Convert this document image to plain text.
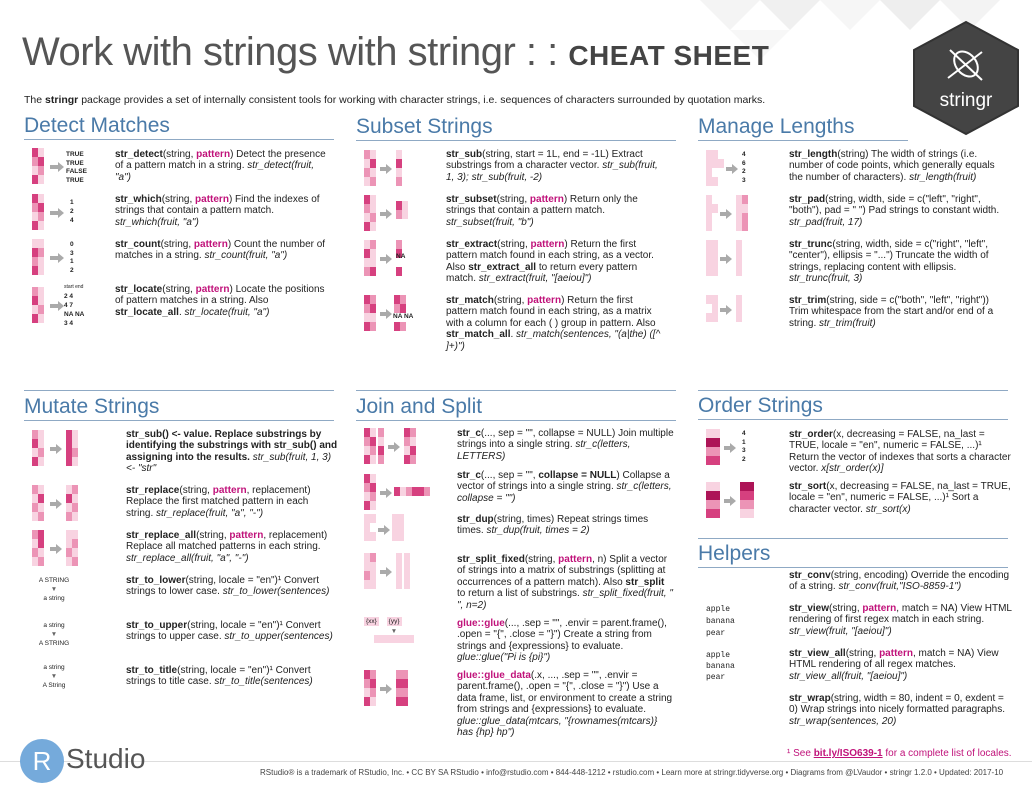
Work with strings with stringr : : CHEAT SHEET
The stringr package provides a set of internally consistent tools for working with character strings, i.e. sequences of characters surrounded by quotation marks.	stringr
Detect Matches	Subset Strings	Manage Lengths
Mutate Strings	Join and Split	Order Strings
Helpers
TRUE
TRUE
FALSE
TRUE
1
2
4
0
3
1
2
start end
2 4
4 7
NA NA
3 4
str_detect(string, pattern) Detect the presence of a pattern match in a string. str_detect(fruit, "a")
str_which(string, pattern) Find the indexes of strings that contain a pattern match. str_which(fruit, "a")
str_count(string, pattern) Count the number of matches in a string. str_count(fruit, "a")
str_locate(string, pattern) Locate the positions of pattern matches in a string. Also str_locate_all. str_locate(fruit, "a")
NA
NA NA
str_sub(string, start = 1L, end = -1L) Extract substrings from a character vector. str_sub(fruit, 1, 3); str_sub(fruit, -2)
str_subset(string, pattern) Return only the strings that contain a pattern match. str_subset(fruit, "b")
str_extract(string, pattern) Return the first pattern match found in each string, as a vector. Also str_extract_all to return every pattern match. str_extract(fruit, "[aeiou]")
str_match(string, pattern) Return the first pattern match found in each string, as a matrix with a column for each ( ) group in pattern. Also str_match_all. str_match(sentences, "(a|the) ([^ ]+)")
4
6
2
3
str_length(string) The width of strings (i.e. number of code points, which generally equals the number of characters). str_length(fruit)
str_pad(string, width, side = c("left", "right", "both"), pad = " ") Pad strings to constant width. str_pad(fruit, 17)
str_trunc(string, width, side = c("right", "left", "center"), ellipsis = "...") Truncate the width of strings, replacing content with ellipsis. str_trunc(fruit, 3)
str_trim(string, side = c("both", "left", "right")) Trim whitespace from the start and/or end of a string. str_trim(fruit)
A STRING
▼
a string
a string
▼
A STRING
a string
▼
A String
str_sub() <- value. Replace substrings by identifying the substrings with str_sub() and assigning into the results. str_sub(fruit, 1, 3) <- "str"
str_replace(string, pattern, replacement) Replace the first matched pattern in each string. str_replace(fruit, "a", "-")
str_replace_all(string, pattern, replacement) Replace all matched patterns in each string. str_replace_all(fruit, "a", "-")
str_to_lower(string, locale = "en")¹ Convert strings to lower case. str_to_lower(sentences)
str_to_upper(string, locale = "en")¹ Convert strings to upper case. str_to_upper(sentences)
str_to_title(string, locale = "en")¹ Convert strings to title case. str_to_title(sentences)
{xx} {yy}
▼
str_c(..., sep = "", collapse = NULL) Join multiple strings into a single string. str_c(letters, LETTERS)
str_c(..., sep = "", collapse = NULL) Collapse a vector of strings into a single string. str_c(letters, collapse = "")
str_dup(string, times) Repeat strings times times. str_dup(fruit, times = 2)
str_split_fixed(string, pattern, n) Split a vector of strings into a matrix of substrings (splitting at occurrences of a pattern match). Also str_split to return a list of substrings. str_split_fixed(fruit, " ", n=2)
glue::glue(..., .sep = "", .envir = parent.frame(), .open = "{", .close = "}") Create a string from strings and {expressions} to evaluate. glue::glue("Pi is {pi}")
glue::glue_data(.x, ..., .sep = "", .envir = parent.frame(), .open = "{", .close = "}") Use a data frame, list, or environment to create a string from strings and {expressions} to evaluate. glue::glue_data(mtcars, "{rownames(mtcars)} has {hp} hp")
4
1
3
2
str_order(x, decreasing = FALSE, na_last = TRUE, locale = "en", numeric = FALSE, ...)¹ Return the vector of indexes that sorts a character vector. x[str_order(x)]
str_sort(x, decreasing = FALSE, na_last = TRUE, locale = "en", numeric = FALSE, ...)¹ Sort a character vector. str_sort(x)
apple
banana
pear
apple
banana
pear
str_conv(string, encoding) Override the encoding of a string. str_conv(fruit,"ISO-8859-1")
str_view(string, pattern, match = NA) View HTML rendering of first regex match in each string. str_view(fruit, "[aeiou]")
str_view_all(string, pattern, match = NA) View HTML rendering of all regex matches. str_view_all(fruit, "[aeiou]")
str_wrap(string, width = 80, indent = 0, exdent = 0) Wrap strings into nicely formatted paragraphs. str_wrap(sentences, 20)
¹ See bit.ly/ISO639-1 for a complete list of locales.
R Studio	RStudio® is a trademark of RStudio, Inc. • CC BY SA RStudio • info@rstudio.com • 844-448-1212 • rstudio.com • Learn more at stringr.tidyverse.org • Diagrams from @LVaudor • stringr 1.2.0 • Updated: 2017-10
